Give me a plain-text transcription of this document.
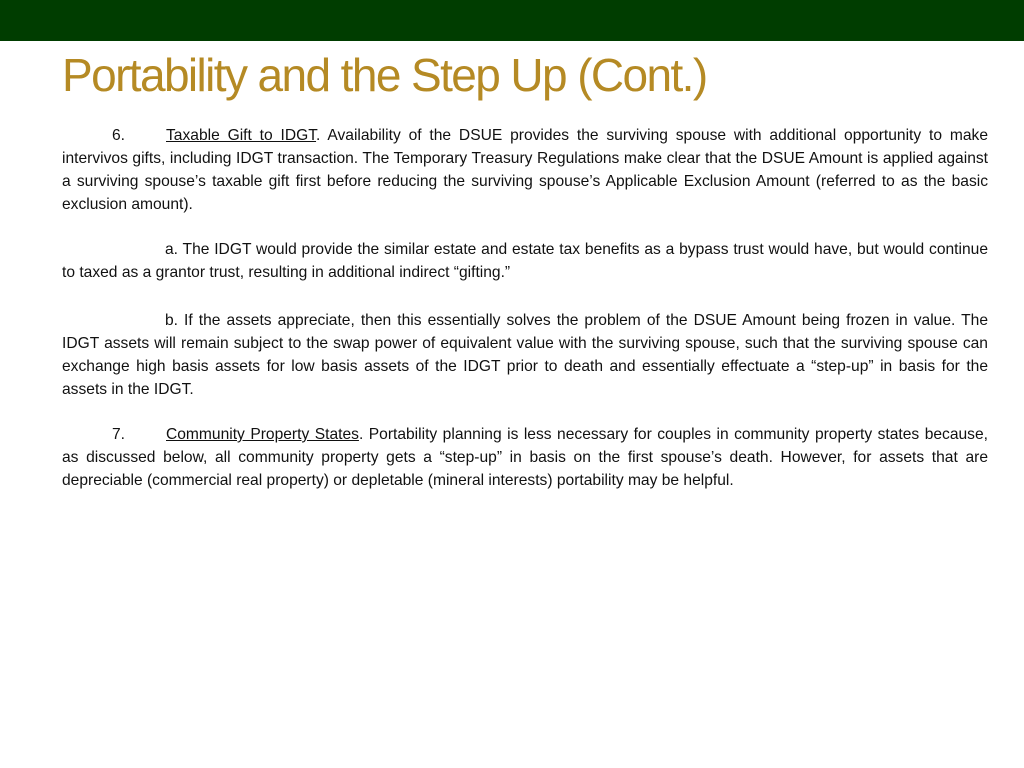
Portability and the Step Up (Cont.)

6.	Taxable Gift to IDGT. Availability of the DSUE provides the surviving spouse with additional opportunity to make intervivos gifts, including IDGT transaction. The Temporary Treasury Regulations make clear that the DSUE Amount is applied against a surviving spouse’s taxable gift first before reducing the surviving spouse’s Applicable Exclusion Amount (referred to as the basic exclusion amount).

a. The IDGT would provide the similar estate and estate tax benefits as a bypass trust would have, but would continue to taxed as a grantor trust, resulting in additional indirect “gifting.”

b. If the assets appreciate, then this essentially solves the problem of the DSUE Amount being frozen in value. The IDGT assets will remain subject to the swap power of equivalent value with the surviving spouse, such that the surviving spouse can exchange high basis assets for low basis assets of the IDGT prior to death and essentially effectuate a “step-up” in basis for the assets in the IDGT.

7.	Community Property States. Portability planning is less necessary for couples in community property states because, as discussed below, all community property gets a “step-up” in basis on the first spouse’s death. However, for assets that are depreciable (commercial real property) or depletable (mineral interests) portability may be helpful.
